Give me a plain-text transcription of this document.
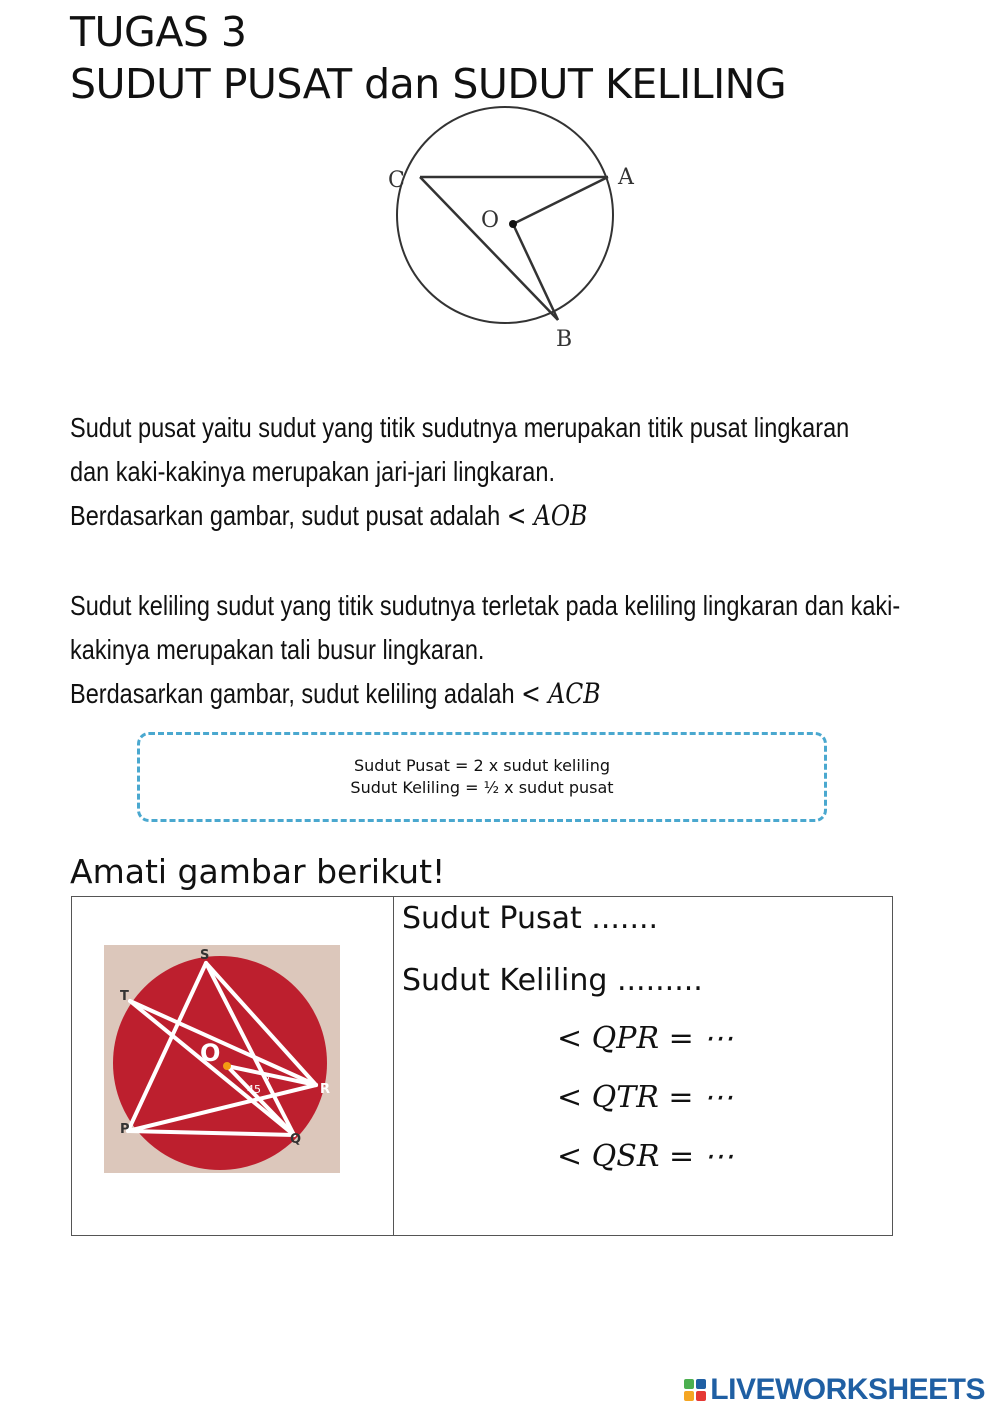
TUGAS 3
SUDUT PUSAT dan SUDUT KELILING
C	A
O
B
Sudut pusat yaitu sudut yang titik sudutnya merupakan titik pusat lingkaran
dan kaki-kakinya merupakan jari-jari lingkaran.
Berdasarkan gambar, sudut pusat adalah < AOB
Sudut keliling sudut yang titik sudutnya terletak pada keliling lingkaran dan kaki-
kakinya merupakan tali busur lingkaran.
Berdasarkan gambar, sudut keliling adalah < ACB
Sudut Pusat = 2 x sudut keliling
Sudut Keliling = ½ x sudut pusat
Amati gambar berikut!
S
T
O
R
P
Q
45
3
Sudut Pusat .......
Sudut Keliling .........
< QPR = ⋯
< QTR = ⋯
< QSR = ⋯
LIVEWORKSHEETS
